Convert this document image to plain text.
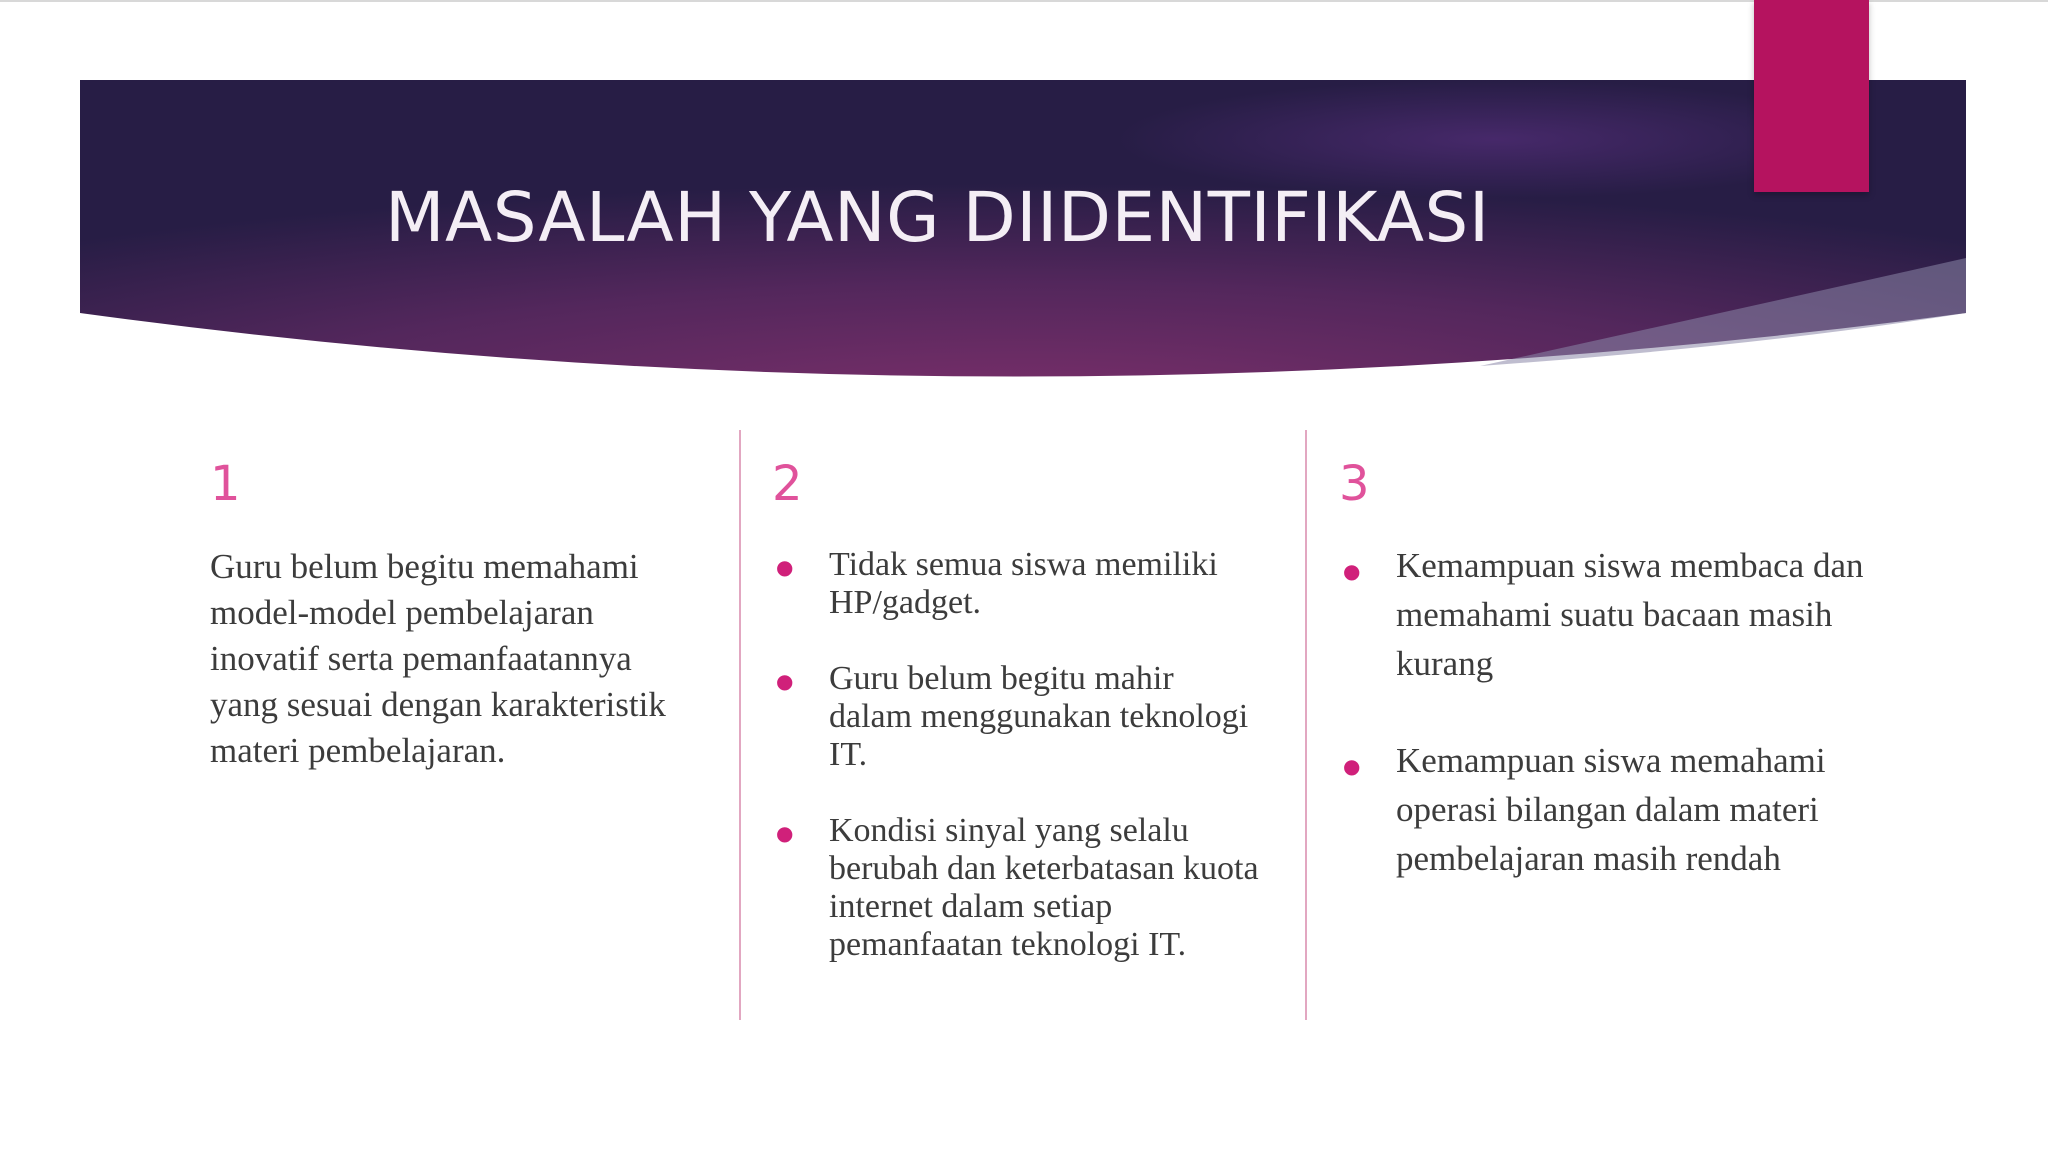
MASALAH YANG DIIDENTIFIKASI
1
Guru belum begitu memahami model-model pembelajaran inovatif serta pemanfaatannya yang sesuai dengan karakteristik materi pembelajaran.
2
● Tidak semua siswa memiliki HP/gadget.
● Guru belum begitu mahir dalam menggunakan teknologi IT.
● Kondisi sinyal yang selalu berubah dan keterbatasan kuota internet dalam setiap pemanfaatan teknologi IT.
3
● Kemampuan siswa membaca dan memahami suatu bacaan masih kurang
● Kemampuan siswa memahami operasi bilangan dalam materi pembelajaran masih rendah
